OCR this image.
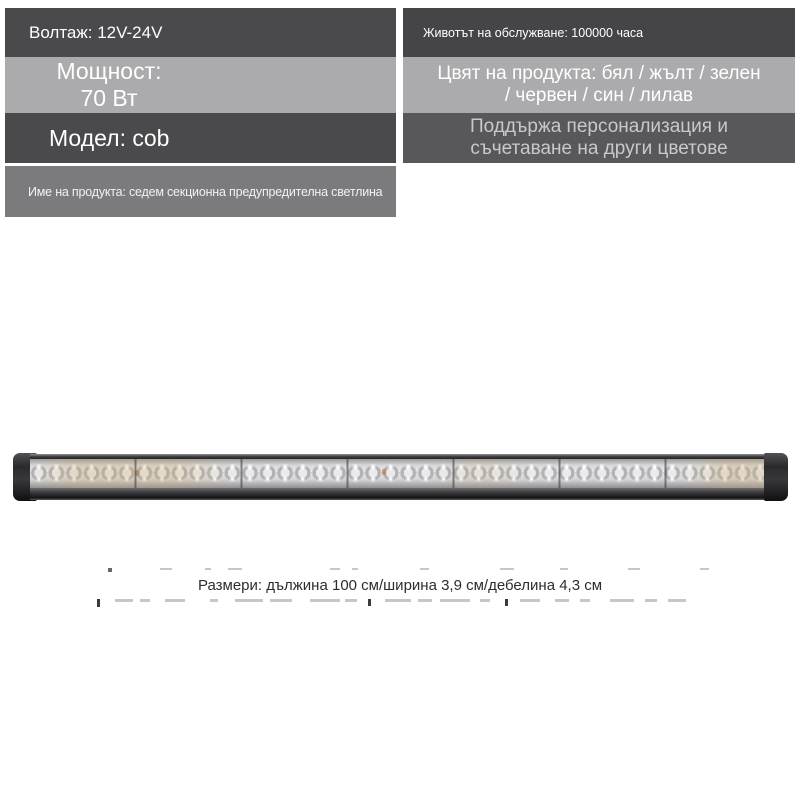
Волтаж: 12V-24V
Мощност:
70 Вт
Модел: cob
Име на продукта: седем секционна предупредителна светлина
Животът на обслужване: 100000 часа
Цвят на продукта: бял / жълт / зелен
/ червен / син / лилав
Поддържа персонализация и
съчетаване на други цветове
Размери: дължина 100 см/ширина 3,9 см/дебелина 4,3 см
